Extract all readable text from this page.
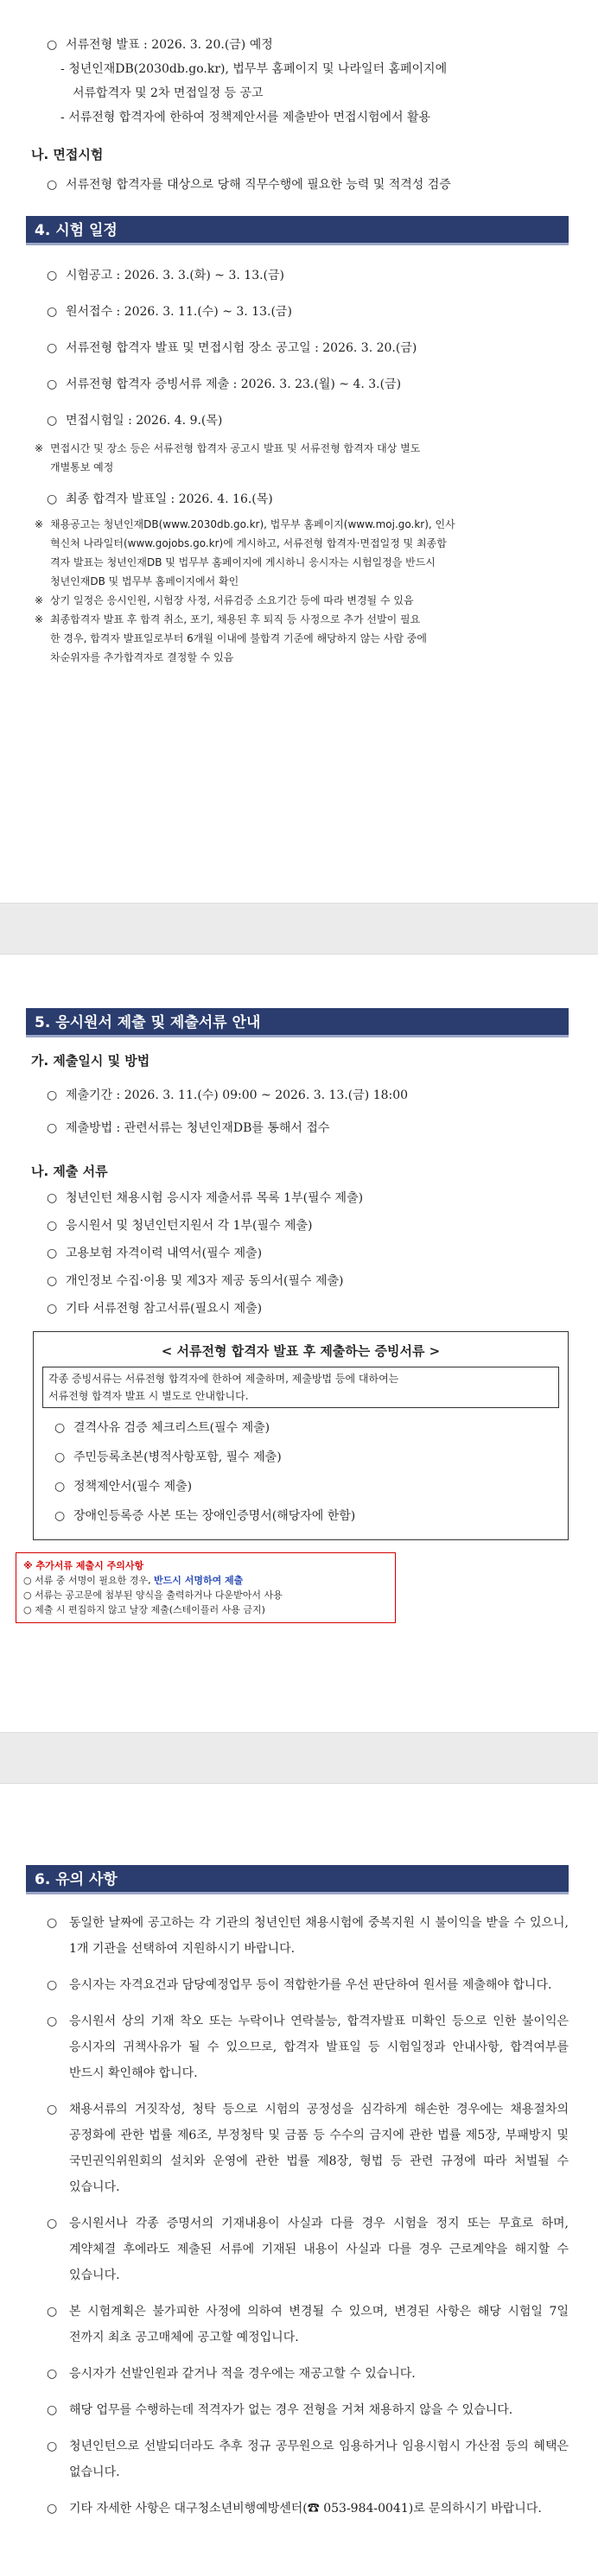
○ 서류전형 발표 : 2026. 3. 20.(금) 예정
- 청년인재DB(2030db.go.kr), 법무부 홈페이지 및 나라일터 홈페이지에
서류합격자 및 2차 면접일정 등 공고
- 서류전형 합격자에 한하여 정책제안서를 제출받아 면접시험에서 활용
나. 면접시험
○ 서류전형 합격자를 대상으로 당해 직무수행에 필요한 능력 및 적격성 검증
4. 시험 일정
○ 시험공고 : 2026. 3. 3.(화) ~ 3. 13.(금)
○ 원서접수 : 2026. 3. 11.(수) ~ 3. 13.(금)
○ 서류전형 합격자 발표 및 면접시험 장소 공고일 : 2026. 3. 20.(금)
○ 서류전형 합격자 증빙서류 제출 : 2026. 3. 23.(월) ~ 4. 3.(금)
○ 면접시험일 : 2026. 4. 9.(목)
※ 면접시간 및 장소 등은 서류전형 합격자 공고시 발표 및 서류전형 합격자 대상 별도
개별통보 예정
○ 최종 합격자 발표일 : 2026. 4. 16.(목)
※ 채용공고는 청년인재DB(www.2030db.go.kr), 법무부 홈페이지(www.moj.go.kr), 인사
혁신처 나라일터(www.gojobs.go.kr)에 게시하고, 서류전형 합격자·면접일정 및 최종합
격자 발표는 청년인재DB 및 법무부 홈페이지에 게시하니 응시자는 시험일정을 반드시
청년인재DB 및 법무부 홈페이지에서 확인
※ 상기 일정은 응시인원, 시험장 사정, 서류검증 소요기간 등에 따라 변경될 수 있음
※ 최종합격자 발표 후 합격 취소, 포기, 채용된 후 퇴직 등 사정으로 추가 선발이 필요
한 경우, 합격자 발표일로부터 6개월 이내에 불합격 기준에 해당하지 않는 사람 중에
차순위자를 추가합격자로 결정할 수 있음
5. 응시원서 제출 및 제출서류 안내
가. 제출일시 및 방법
○ 제출기간 : 2026. 3. 11.(수) 09:00 ~ 2026. 3. 13.(금) 18:00
○ 제출방법 : 관련서류는 청년인재DB를 통해서 접수
나. 제출 서류
○ 청년인턴 채용시험 응시자 제출서류 목록 1부(필수 제출)
○ 응시원서 및 청년인턴지원서 각 1부(필수 제출)
○ 고용보험 자격이력 내역서(필수 제출)
○ 개인정보 수집·이용 및 제3자 제공 동의서(필수 제출)
○ 기타 서류전형 참고서류(필요시 제출)
< 서류전형 합격자 발표 후 제출하는 증빙서류 >
각종 증빙서류는 서류전형 합격자에 한하여 제출하며, 제출방법 등에 대하여는
서류전형 합격자 발표 시 별도로 안내합니다.
○ 결격사유 검증 체크리스트(필수 제출)
○ 주민등록초본(병적사항포함, 필수 제출)
○ 정책제안서(필수 제출)
○ 장애인등록증 사본 또는 장애인증명서(해당자에 한함)
※ 추가서류 제출시 주의사항
○ 서류 중 서명이 필요한 경우, 반드시 서명하여 제출
○ 서류는 공고문에 첨부된 양식을 출력하거나 다운받아서 사용
○ 제출 시 편집하지 않고 날장 제출(스테이플러 사용 금지)
6. 유의 사항
○ 동일한 날짜에 공고하는 각 기관의 청년인턴 채용시험에 중복지원 시 불이익을 받을 수 있으니, 1개 기관을 선택하여 지원하시기 바랍니다.
○ 응시자는 자격요건과 담당예정업무 등이 적합한가를 우선 판단하여 원서를 제출해야 합니다.
○ 응시원서 상의 기재 착오 또는 누락이나 연락불능, 합격자발표 미확인 등으로 인한 불이익은 응시자의 귀책사유가 될 수 있으므로, 합격자 발표일 등 시험일정과 안내사항, 합격여부를 반드시 확인해야 합니다.
○ 채용서류의 거짓작성, 청탁 등으로 시험의 공정성을 심각하게 해손한 경우에는 채용절차의 공정화에 관한 법률 제6조, 부정청탁 및 금품 등 수수의 금지에 관한 법률 제5장, 부패방지 및 국민권익위원회의 설치와 운영에 관한 법률 제8장, 형법 등 관련 규정에 따라 처벌될 수 있습니다.
○ 응시원서나 각종 증명서의 기재내용이 사실과 다를 경우 시험을 정지 또는 무효로 하며, 계약체결 후에라도 제출된 서류에 기재된 내용이 사실과 다를 경우 근로계약을 해지할 수 있습니다.
○ 본 시험계획은 불가피한 사정에 의하여 변경될 수 있으며, 변경된 사항은 해당 시험일 7일 전까지 최초 공고매체에 공고할 예정입니다.
○ 응시자가 선발인원과 같거나 적을 경우에는 재공고할 수 있습니다.
○ 해당 업무를 수행하는데 적격자가 없는 경우 전형을 거쳐 채용하지 않을 수 있습니다.
○ 청년인턴으로 선발되더라도 추후 정규 공무원으로 임용하거나 임용시험시 가산점 등의 혜택은 없습니다.
○ 기타 자세한 사항은 대구청소년비행예방센터(☎ 053-984-0041)로 문의하시기 바랍니다.
